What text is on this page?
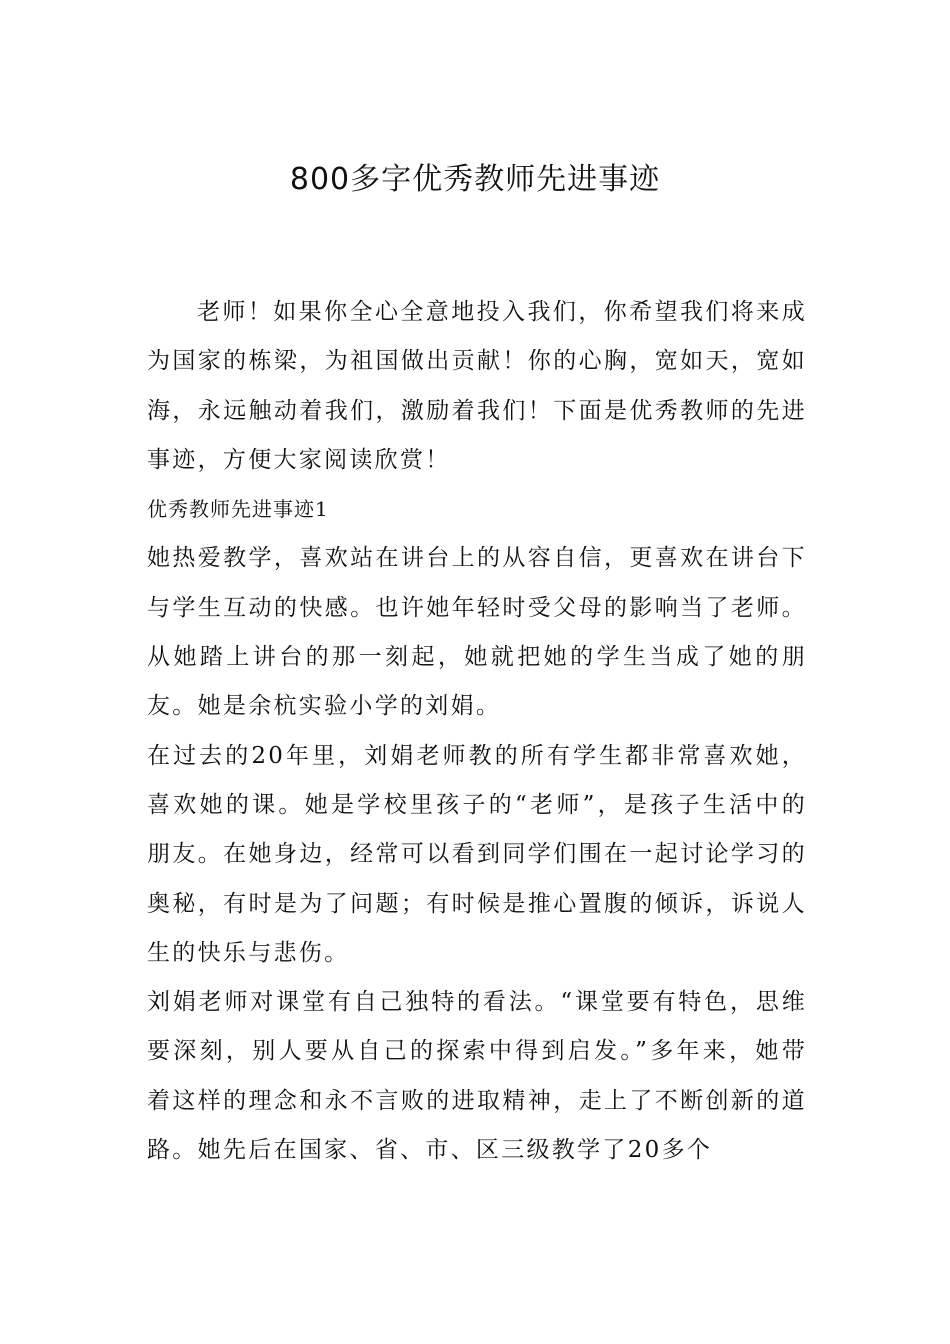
800多字优秀教师先进事迹

老师！如果你全心全意地投入我们，你希望我们将来成为国家的栋梁，为祖国做出贡献！你的心胸，宽如天，宽如海，永远触动着我们，激励着我们！下面是优秀教师的先进事迹，方便大家阅读欣赏！

优秀教师先进事迹1

她热爱教学，喜欢站在讲台上的从容自信，更喜欢在讲台下与学生互动的快感。也许她年轻时受父母的影响当了老师。从她踏上讲台的那一刻起，她就把她的学生当成了她的朋友。她是余杭实验小学的刘娟。

在过去的20年里，刘娟老师教的所有学生都非常喜欢她，喜欢她的课。她是学校里孩子的“老师”，是孩子生活中的朋友。在她身边，经常可以看到同学们围在一起讨论学习的奥秘，有时是为了问题；有时候是推心置腹的倾诉，诉说人生的快乐与悲伤。

刘娟老师对课堂有自己独特的看法。“课堂要有特色，思维要深刻，别人要从自己的探索中得到启发。”多年来，她带着这样的理念和永不言败的进取精神，走上了不断创新的道路。她先后在国家、省、市、区三级教学了20多个
